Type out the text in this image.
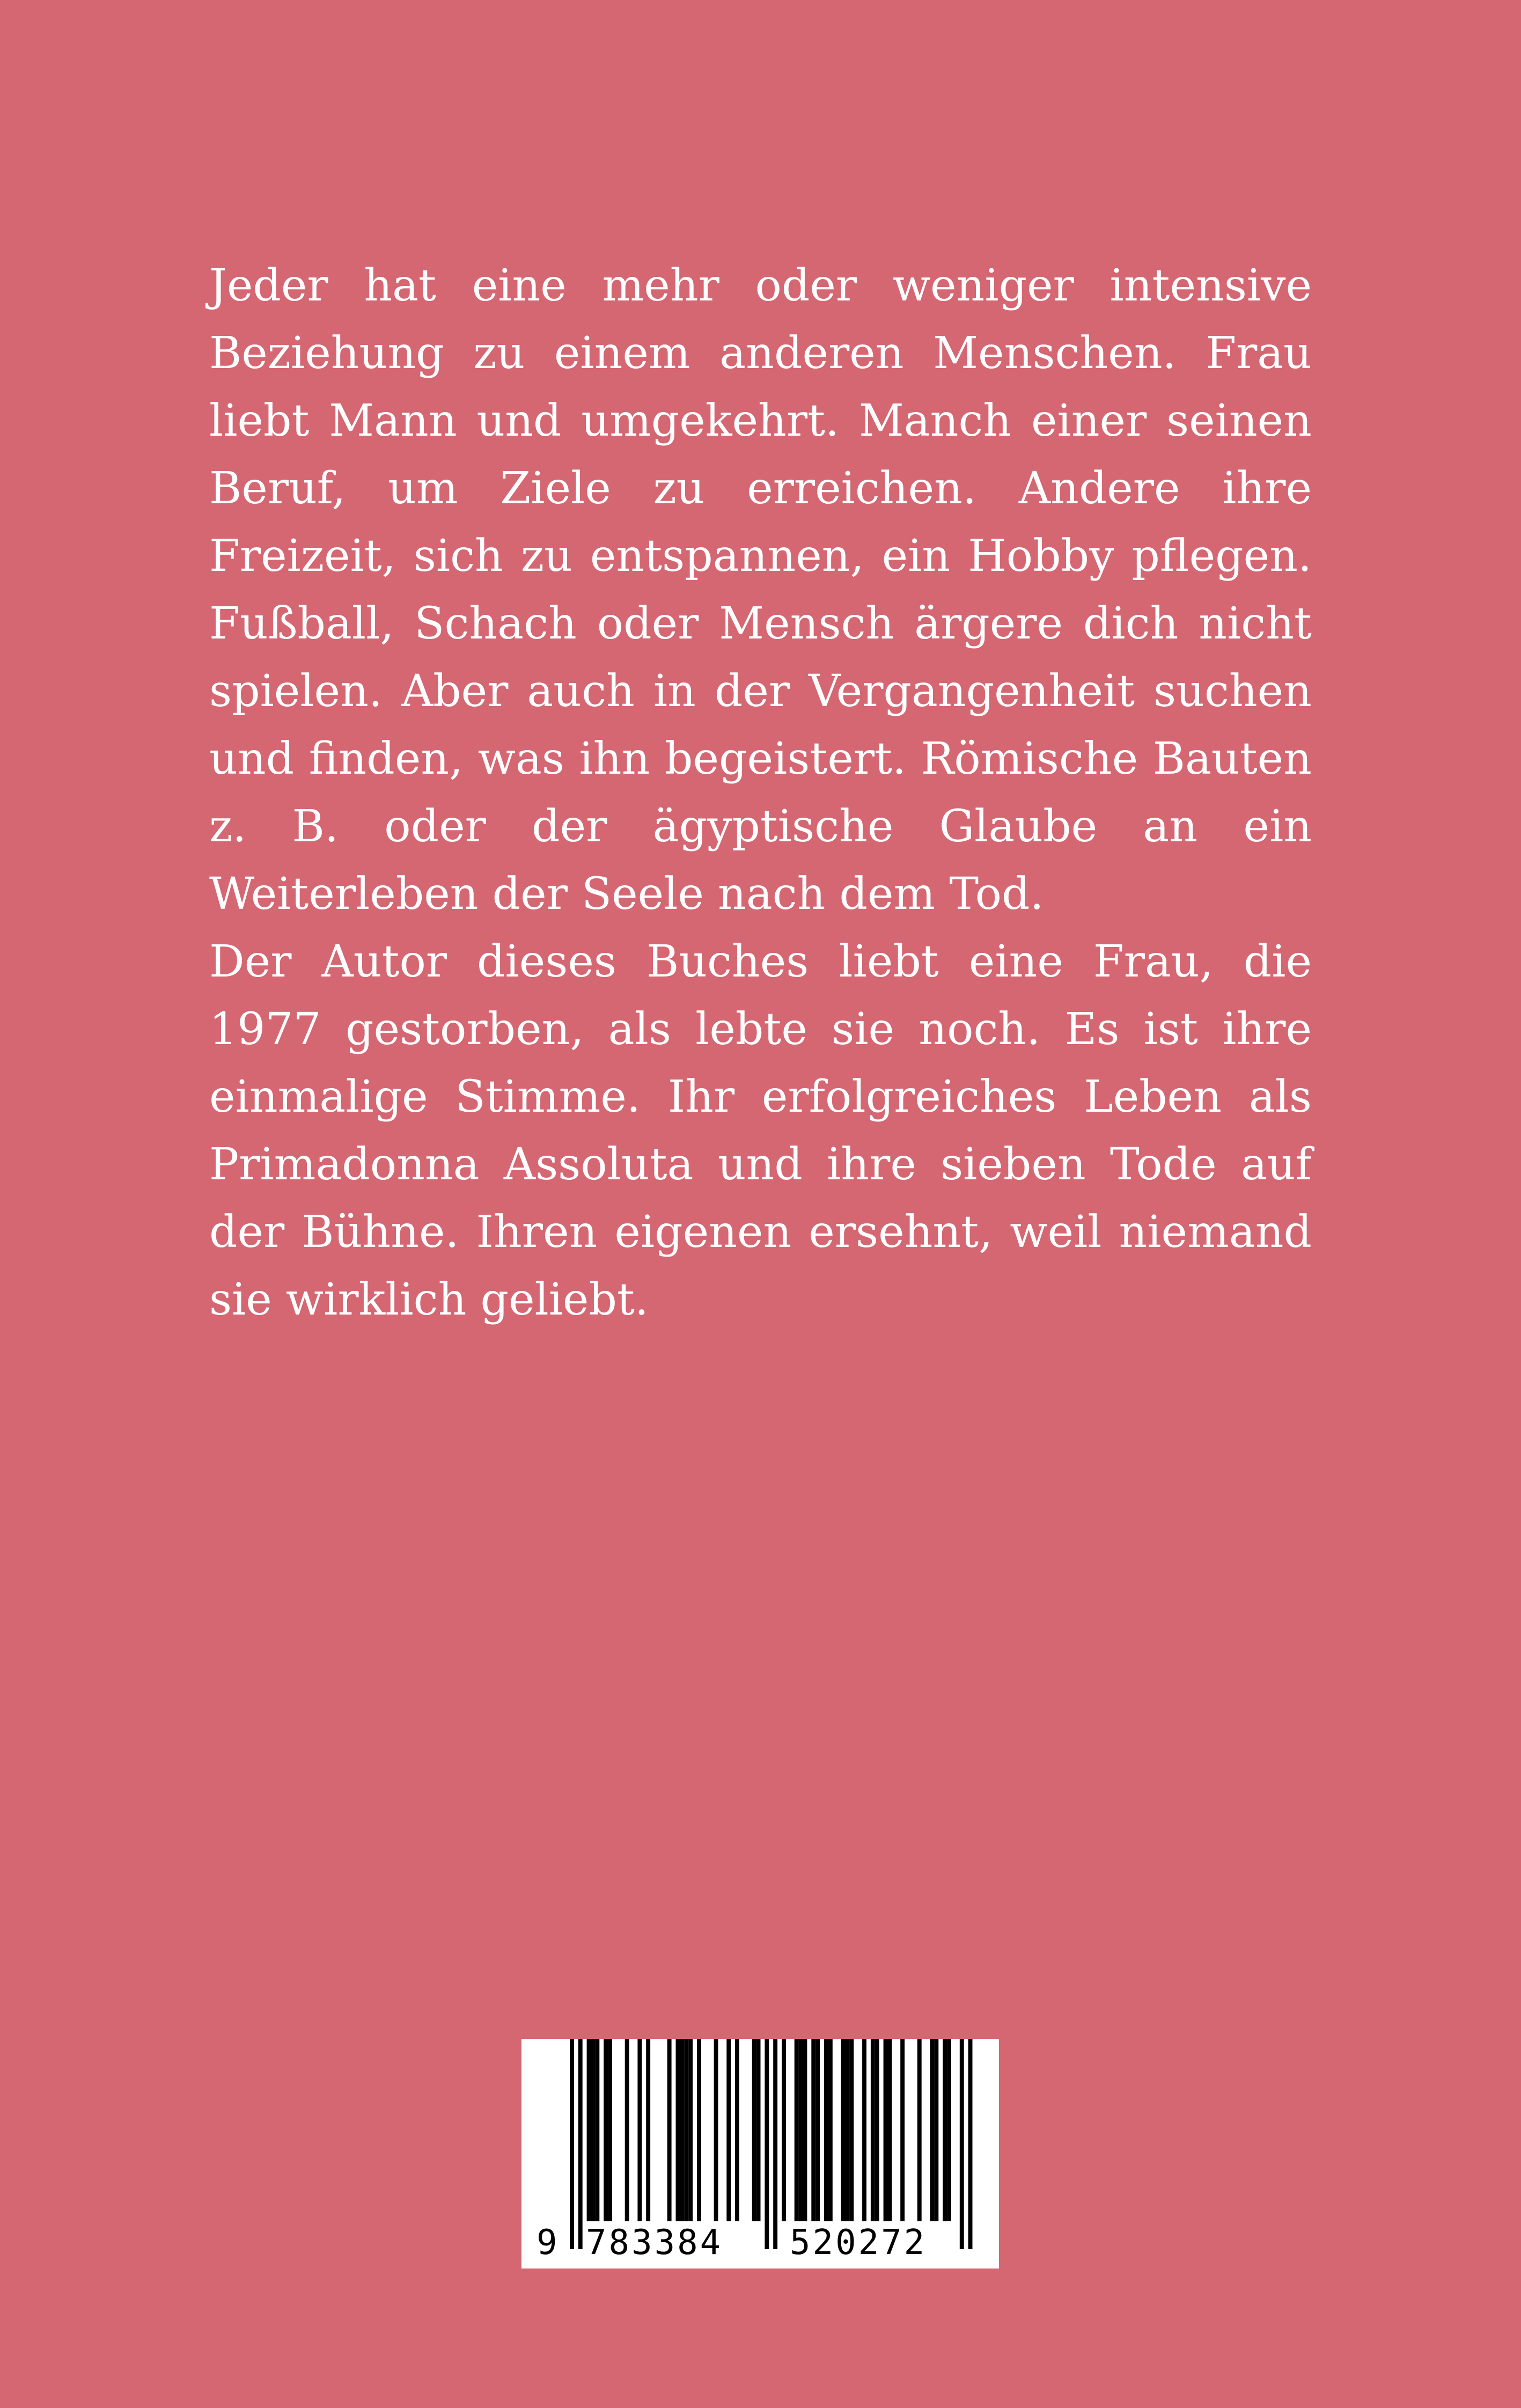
Jeder hat eine mehr oder weniger intensive Beziehung zu einem anderen Menschen. Frau liebt Mann und umgekehrt. Manch einer seinen Beruf, um Ziele zu erreichen. Andere ihre Freizeit, sich zu entspannen, ein Hobby pflegen. Fußball, Schach oder Mensch ärgere dich nicht spielen. Aber auch in der Vergangenheit suchen und finden, was ihn begeistert. Römische Bauten z. B. oder der ägyptische Glaube an ein Weiterleben der Seele nach dem Tod.

Der Autor dieses Buches liebt eine Frau, die 1977 gestorben, als lebte sie noch. Es ist ihre einmalige Stimme. Ihr erfolgreiches Leben als Primadonna Assoluta und ihre sieben Tode auf der Bühne. Ihren eigenen ersehnt, weil niemand sie wirklich geliebt.

9 783384 520272
